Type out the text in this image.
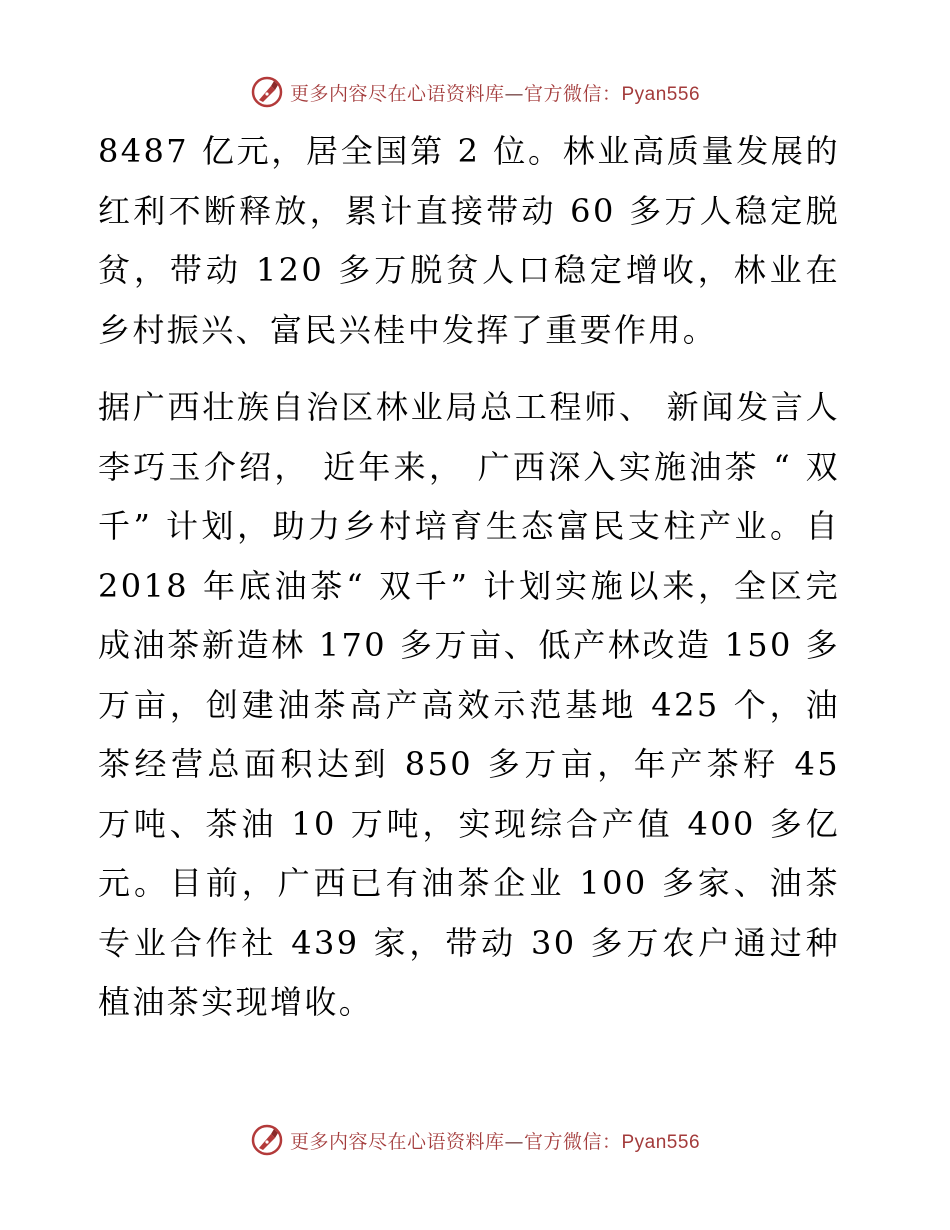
更多内容尽在心语资料库—官方微信：Pyan556

8487 亿元，居全国第 2 位。林业高质量发展的红利不断释放，累计直接带动 60 多万人稳定脱贫，带动 120 多万脱贫人口稳定增收，林业在乡村振兴、富民兴桂中发挥了重要作用。

据广西壮族自治区林业局总工程师、 新闻发言人李巧玉介绍， 近年来， 广西深入实施油茶 “ 双千” 计划，助力乡村培育生态富民支柱产业。自 2018 年底油茶“ 双千” 计划实施以来，全区完成油茶新造林 170 多万亩、低产林改造 150 多万亩，创建油茶高产高效示范基地 425 个，油茶经营总面积达到 850 多万亩，年产茶籽 45 万吨、茶油 10 万吨，实现综合产值 400 多亿元。目前，广西已有油茶企业 100 多家、油茶专业合作社 439 家，带动 30 多万农户通过种植油茶实现增收。

更多内容尽在心语资料库—官方微信：Pyan556
